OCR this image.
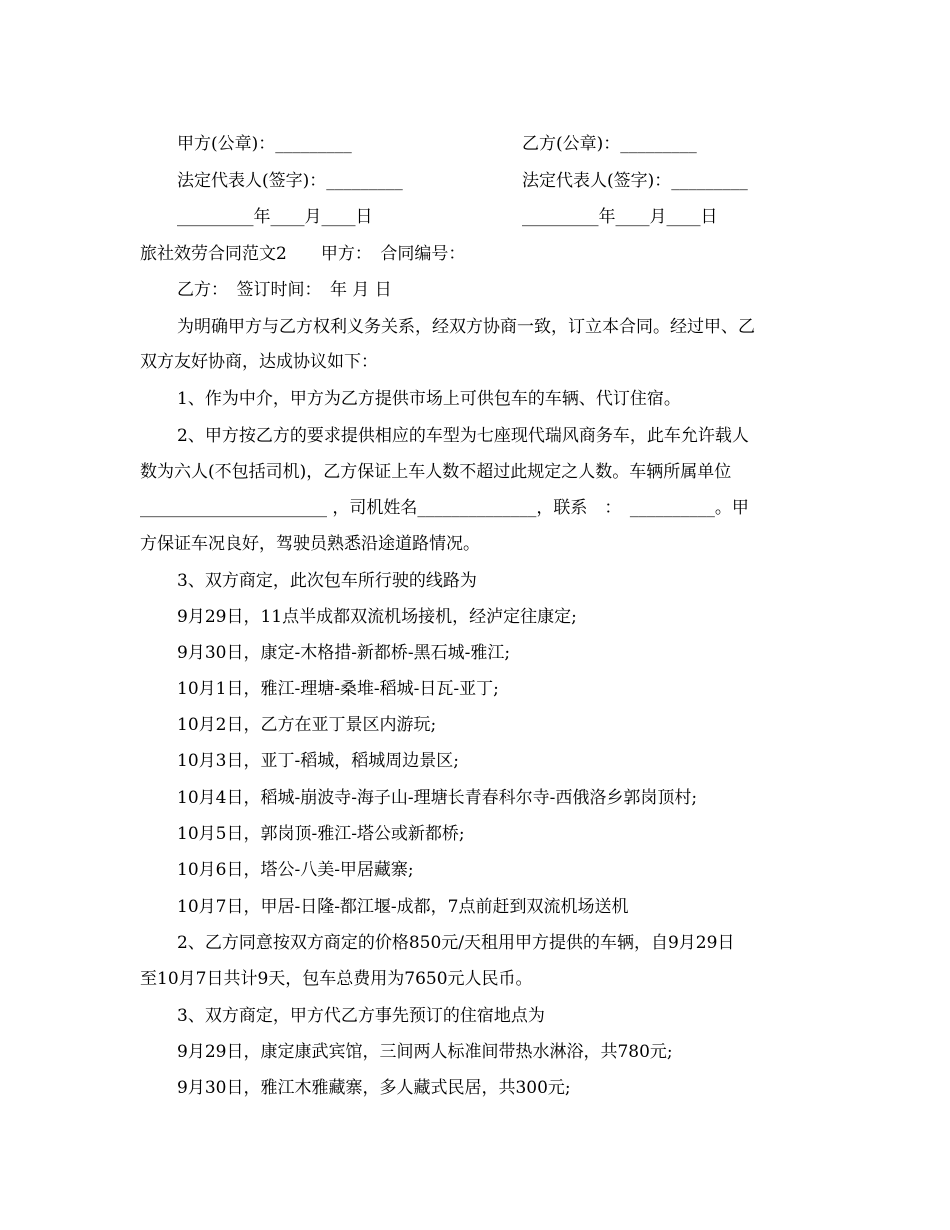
甲方(公章)：_________	乙方(公章)：_________
法定代表人(签字)：_________	法定代表人(签字)：_________
_________年____月____日	_________年____月____日
旅社效劳合同范文2　　甲方：　合同编号：
乙方：　签订时间：　年 月 日
为明确甲方与乙方权利义务关系，经双方协商一致，订立本合同。经过甲、乙
双方友好协商，达成协议如下：
1、作为中介，甲方为乙方提供市场上可供包车的车辆、代订住宿。
2、甲方按乙方的要求提供相应的车型为七座现代瑞风商务车，此车允许载人
数为六人(不包括司机)，乙方保证上车人数不超过此规定之人数。车辆所属单位
______________________ ，司机姓名______________，联系　：　__________。甲
方保证车况良好，驾驶员熟悉沿途道路情况。
3、双方商定，此次包车所行驶的线路为
9月29日，11点半成都双流机场接机，经泸定往康定;
9月30日，康定-木格措-新都桥-黑石城-雅江;
10月1日，雅江-理塘-桑堆-稻城-日瓦-亚丁;
10月2日，乙方在亚丁景区内游玩;
10月3日，亚丁-稻城，稻城周边景区;
10月4日，稻城-崩波寺-海子山-理塘长青春科尔寺-西俄洛乡郭岗顶村;
10月5日，郭岗顶-雅江-塔公或新都桥;
10月6日，塔公-八美-甲居藏寨;
10月7日，甲居-日隆-都江堰-成都，7点前赶到双流机场送机
2、乙方同意按双方商定的价格850元/天租用甲方提供的车辆，自9月29日
至10月7日共计9天，包车总费用为7650元人民币。
3、双方商定，甲方代乙方事先预订的住宿地点为
9月29日，康定康武宾馆，三间两人标准间带热水淋浴，共780元;
9月30日，雅江木雅藏寨，多人藏式民居，共300元;
